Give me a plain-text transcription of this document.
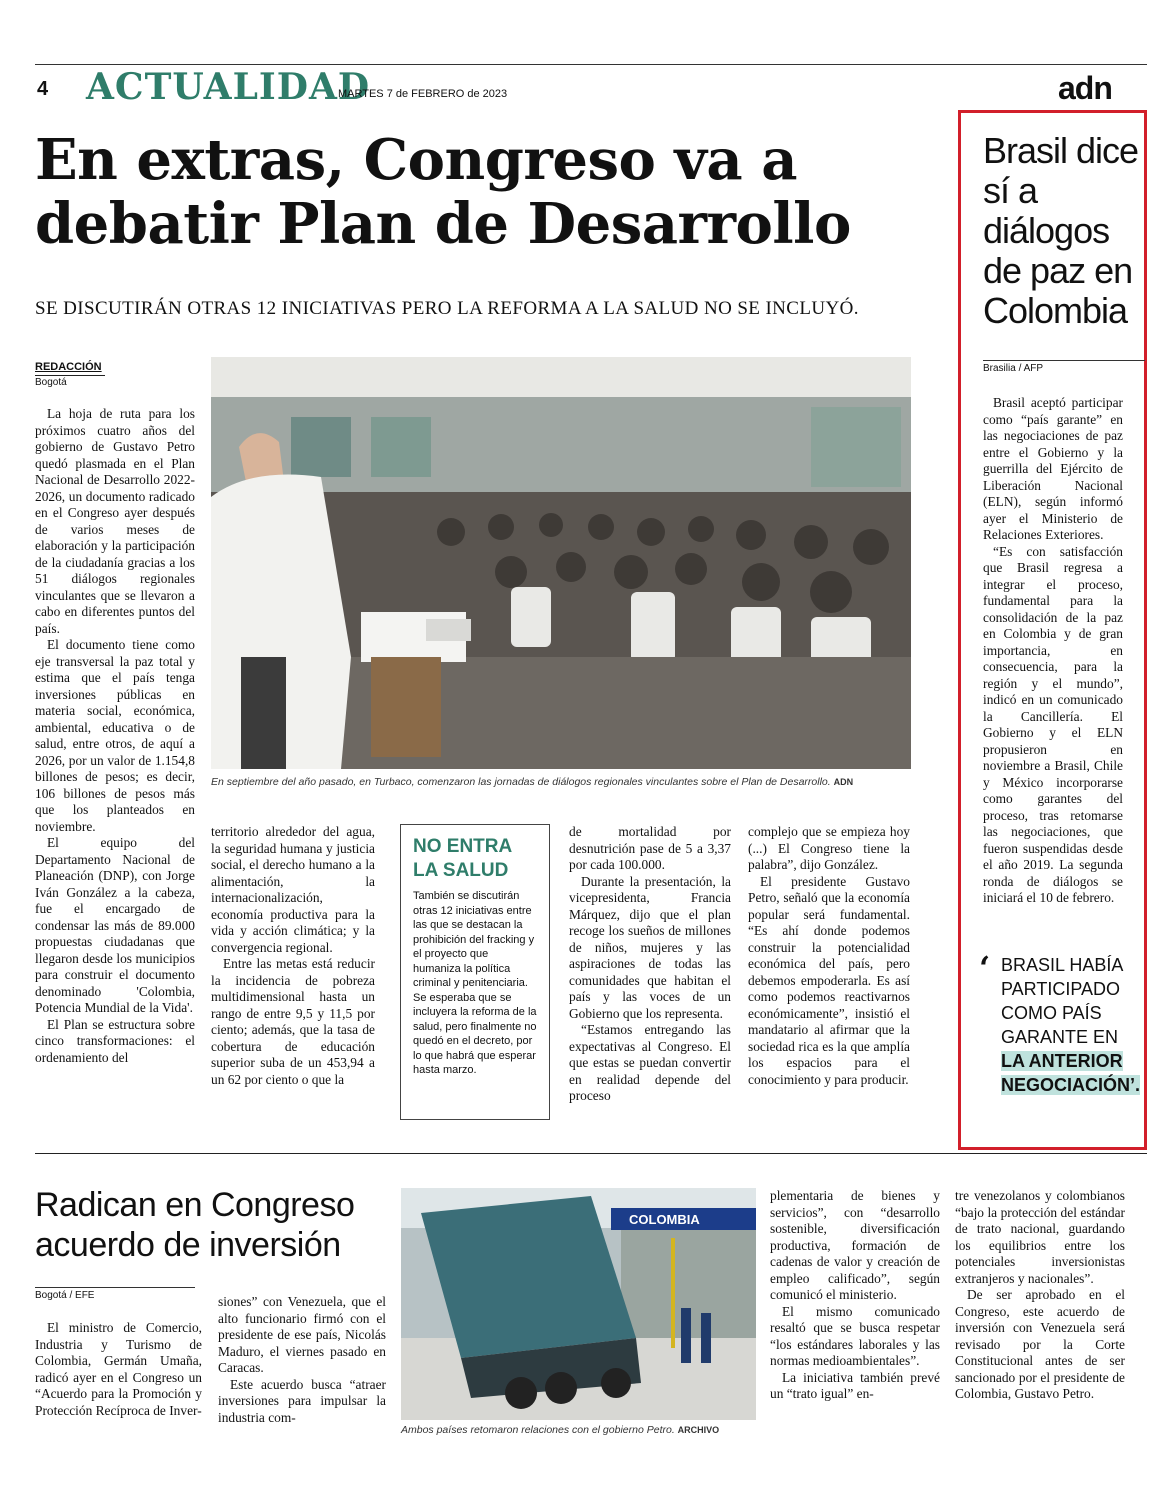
4 ACTUALIDAD
MARTES 7 de FEBRERO de 2023	adn
En extras, Congreso va a debatir Plan de Desarrollo
SE DISCUTIRÁN OTRAS 12 INICIATIVAS PERO LA REFORMA A LA SALUD NO SE INCLUYÓ.
REDACCIÓN
Bogotá

La hoja de ruta para los próximos cuatro años del gobierno de Gustavo Petro quedó plasmada en el Plan Nacional de Desarrollo 2022-2026, un documento radicado en el Congreso ayer después de varios meses de elaboración y la participación de la ciudadanía gracias a los 51 diálogos regionales vinculantes que se llevaron a cabo en diferentes puntos del país.

El documento tiene como eje transversal la paz total y estima que el país tenga inversiones públicas en materia social, económica, ambiental, educativa o de salud, entre otros, de aquí a 2026, por un valor de 1.154,8 billones de pesos; es decir, 106 billones de pesos más que los planteados en noviembre.

El equipo del Departamento Nacional de Planeación (DNP), con Jorge Iván González a la cabeza, fue el encargado de condensar las más de 89.000 propuestas ciudadanas que llegaron desde los municipios para construir el documento denominado 'Colombia, Potencia Mundial de la Vida'.

El Plan se estructura sobre cinco transformaciones: el ordenamiento del

En septiembre del año pasado, en Turbaco, comenzaron las jornadas de diálogos regionales vinculantes sobre el Plan de Desarrollo. ADN

territorio alrededor del agua, la seguridad humana y justicia social, el derecho humano a la alimentación, la internacionalización, economía productiva para la vida y acción climática; y la convergencia regional.

Entre las metas está reducir la incidencia de pobreza multidimensional hasta un rango de entre 9,5 y 11,5 por ciento; además, que la tasa de cobertura de educación superior suba de un 453,94 a un 62 por ciento o que la

NO ENTRA LA SALUD
También se discutirán otras 12 iniciativas entre las que se destacan la prohibición del fracking y el proyecto que humaniza la política criminal y penitenciaria. Se esperaba que se incluyera la reforma de la salud, pero finalmente no quedó en el decreto, por lo que habrá que esperar hasta marzo.

de mortalidad por desnutrición pase de 5 a 3,37 por cada 100.000.

Durante la presentación, la vicepresidenta, Francia Márquez, dijo que el plan recoge los sueños de millones de niños, mujeres y las aspiraciones de todas las comunidades que habitan el país y las voces de un Gobierno que los representa.

“Estamos entregando las expectativas al Congreso. El que estas se puedan convertir en realidad depende del proceso

complejo que se empieza hoy (...) El Congreso tiene la palabra”, dijo González.

El presidente Gustavo Petro, señaló que la economía popular será fundamental. “Es ahí donde podemos construir la potencialidad económica del país, pero debemos empoderarla. Es así como podemos reactivarnos económicamente”, insistió el mandatario al afirmar que la sociedad rica es la que amplía los espacios para el conocimiento y para producir.

Brasil dice sí a diálogos de paz en Colombia
Brasilia / AFP

Brasil aceptó participar como “país garante” en las negociaciones de paz entre el Gobierno y la guerrilla del Ejército de Liberación Nacional (ELN), según informó ayer el Ministerio de Relaciones Exteriores.

“Es con satisfacción que Brasil regresa a integrar el proceso, fundamental para la consolidación de la paz en Colombia y de gran importancia, en consecuencia, para la región y el mundo”, indicó en un comunicado la Cancillería. El Gobierno y el ELN propusieron en noviembre a Brasil, Chile y México incorporarse como garantes del proceso, tras retomarse las negociaciones, que fueron suspendidas desde el año 2019. La segunda ronda de diálogos se iniciará el 10 de febrero.

‘ BRASIL HABÍA PARTICIPADO COMO PAÍS GARANTE EN LA ANTERIOR NEGOCIACIÓN’.
Radican en Congreso acuerdo de inversión
Bogotá / EFE

El ministro de Comercio, Industria y Turismo de Colombia, Germán Umaña, radicó ayer en el Congreso un “Acuerdo para la Promoción y Protección Recíproca de Inver-

siones” con Venezuela, que el alto funcionario firmó con el presidente de ese país, Nicolás Maduro, el viernes pasado en Caracas.

Este acuerdo busca “atraer inversiones para impulsar la industria com-

COLOMBIA
Ambos países retomaron relaciones con el gobierno Petro. ARCHIVO

plementaria de bienes y servicios”, con “desarrollo sostenible, diversificación productiva, formación de cadenas de valor y creación de empleo calificado”, según comunicó el ministerio.

El mismo comunicado resaltó que se busca respetar “los estándares laborales y las normas medioambientales”.

La iniciativa también prevé un “trato igual” en-

tre venezolanos y colombianos “bajo la protección del estándar de trato nacional, guardando los equilibrios entre los potenciales inversionistas extranjeros y nacionales”.

De ser aprobado en el Congreso, este acuerdo de inversión con Venezuela será revisado por la Corte Constitucional antes de ser sancionado por el presidente de Colombia, Gustavo Petro.
